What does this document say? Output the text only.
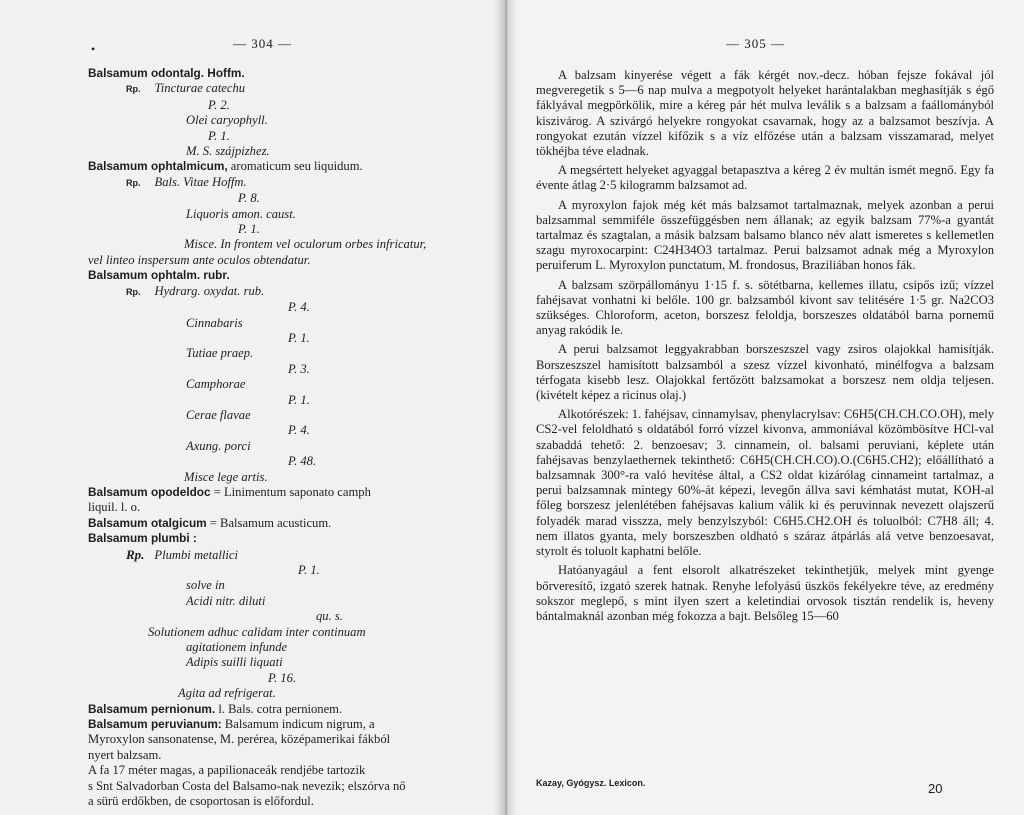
•	— 304 —
Balsamum odontalg. Hoffm.
Rp. Tincturae catechu
P. 2.
Olei caryophyll.
P. 1.
M. S. szájpizhez.
Balsamum ophtalmicum, aromaticum seu liquidum.
Rp. Bals. Vitae Hoffm.
P. 8.
Liquoris amon. caust.
P. 1.
Misce. In frontem vel oculorum orbes infricatur,
vel linteo inspersum ante oculos obtendatur.
Balsamum ophtalm. rubr.
Rp. Hydrarg. oxydat. rub.
P. 4.
Cinnabaris
P. 1.
Tutiae praep.
P. 3.
Camphorae
P. 1.
Cerae flavae
P. 4.
Axung. porci
P. 48.
Misce lege artis.
Balsamum opodeldoc = Linimentum saponato camph
liquil. l. o.
Balsamum otalgicum = Balsamum acusticum.
Balsamum plumbi :
Rp. Plumbi metallici
P. 1.
solve in
Acidi nitr. diluti
qu. s.
Solutionem adhuc calidam inter continuam
agitationem infunde
Adipis suilli liquati
P. 16.
Agita ad refrigerat.
Balsamum pernionum. l. Bals. cotra pernionem.
Balsamum peruvianum: Balsamum indicum nigrum, a
Myroxylon sansonatense, M. perérea, középamerikai fákból
nyert balzsam.
A fa 17 méter magas, a papilionaceák rendjébe tartozik
s Snt Salvadorban Costa del Balsamo-nak nevezik; elszórva nő
a sürü erdőkben, de csoportosan is előfordul.
— 305 —

A balzsam kinyerése végett a fák kérgét nov.-decz. hóban fejsze fokával jól megveregetik s 5—6 nap mulva a megpotyolt helyeket harántalakban meghasítják s égő fáklyával megpörkölik, mire a kéreg pár hét mulva leválik s a balzsam a faállományból kiszivárog. A szivárgó helyekre rongyokat csavarnak, hogy az a balzsamot beszívja. A rongyokat ezután vízzel kifőzik s a víz elfőzése után a balzsam visszamarad, melyet tökhéjba téve eladnak.

A megsértett helyeket agyaggal betapasztva a kéreg 2 év multán ismét megnő. Egy fa évente átlag 2·5 kilogramm balzsamot ad.

A myroxylon fajok még két más balzsamot tartalmaznak, melyek azonban a perui balzsammal semmiféle összefüggésben nem állanak; az egyik balzsam 77%-a gyantát tartalmaz és szagtalan, a másik balzsam balsamo blanco név alatt ismeretes s kellemetlen szagu myroxocarpint: C24H34O3 tartalmaz. Perui balzsamot adnak még a Myroxylon peruiferum L. Myroxylon punctatum, M. frondosus, Braziliában honos fák.

A balzsam szörpállományu 1·15 f. s. sötétbarna, kellemes illatu, csipős izű; vízzel fahéjsavat vonhatni ki belőle. 100 gr. balzsamból kivont sav telitésére 1·5 gr. Na2CO3 szükséges. Chloroform, aceton, borszesz feloldja, borszeszes oldatából barna pornemű anyag rakódik le.

A perui balzsamot leggyakrabban borszeszszel vagy zsiros olajokkal hamisítják. Borszeszszel hamisított balzsamból a szesz vízzel kivonható, minélfogva a balzsam térfogata kisebb lesz. Olajokkal fertőzött balzsamokat a borszesz nem oldja teljesen. (kivételt képez a ricinus olaj.)

Alkotórészek: 1. fahéjsav, cinnamylsav, phenylacrylsav: C6H5(CH.CH.CO.OH), mely CS2-vel feloldható s oldatából forró vízzel kivonva, ammoniával közömbösítve HCl-val szabaddá tehető: 2. benzoesav; 3. cinnamein, ol. balsami peruviani, képlete után fahéjsavas benzylaethernek tekinthető: C6H5(CH.CH.CO).O.(C6H5.CH2); előállítható a balzsamnak 300°-ra való hevítése által, a CS2 oldat kizárólag cinnameint tartalmaz, a perui balzsamnak mintegy 60%-át képezi, levegőn állva savi kémhatást mutat, KOH-al főleg borszesz jelenlétében fahéjsavas kalium válik ki és peruvinnak nevezett olajszerű folyadék marad visszza, mely benzylszyból: C6H5.CH2.OH és toluolból: C7H8 áll; 4. nem illatos gyanta, mely borszeszben oldható s száraz átpárlás alá vetve benzoesavat, styrolt és toluolt kaphatni belőle.

Hatóanyagául a fent elsorolt alkatrészeket tekinthetjük, melyek mint gyenge bőrveresítő, izgató szerek hatnak. Renyhe lefolyású üszkös fekélyekre téve, az eredmény sokszor meglepő, s mint ilyen szert a keletindiai orvosok tisztán rendelik is, heveny bántalmaknál azonban még fokozza a bajt. Belsőleg 15—60

Kazay, Gyógysz. Lexicon.	20
